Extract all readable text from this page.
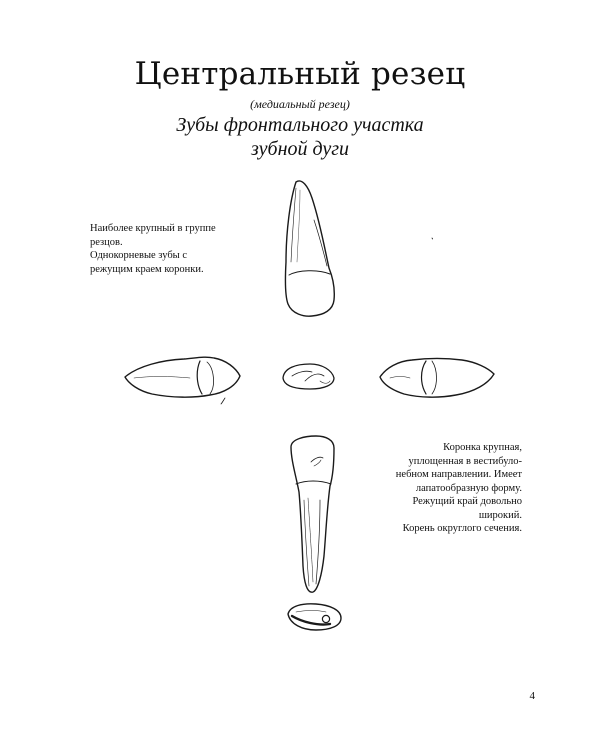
Центральный резец
(медиальный резец)
Зубы фронтального участка
зубной дуги
Наиболее крупный в группе
резцов.
Однокорневые зубы с
режущим краем коронки.
Коронка крупная,
уплощенная в вестибуло-
небном направлении. Имеет
лапатообразную форму.
Режущий край довольно
широкий.
Корень округлого сечения.
4
